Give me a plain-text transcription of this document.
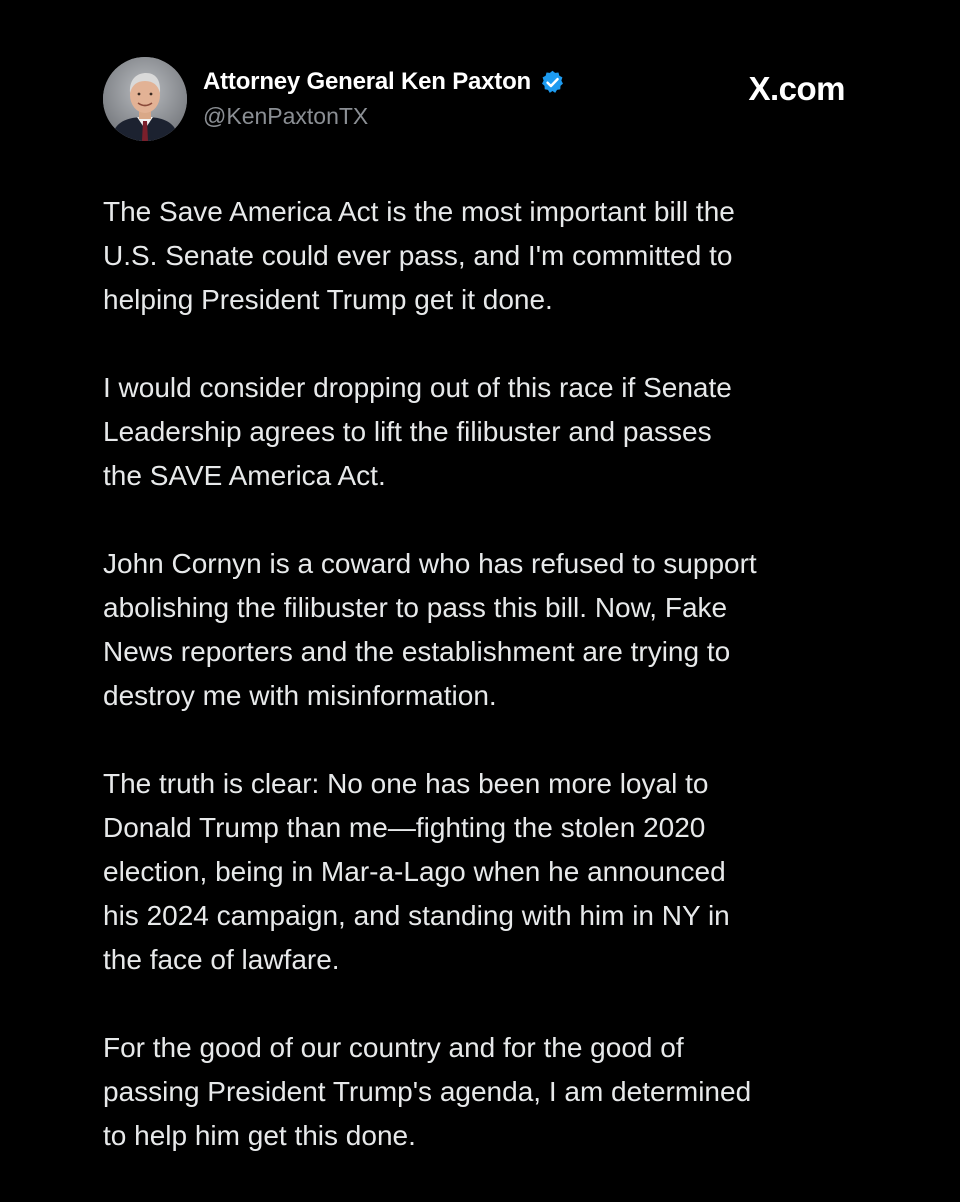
Attorney General Ken Paxton
@KenPaxtonTX
X.com

The Save America Act is the most important bill the
U.S. Senate could ever pass, and I'm committed to
helping President Trump get it done.

I would consider dropping out of this race if Senate
Leadership agrees to lift the filibuster and passes
the SAVE America Act.

John Cornyn is a coward who has refused to support
abolishing the filibuster to pass this bill. Now, Fake
News reporters and the establishment are trying to
destroy me with misinformation.

The truth is clear: No one has been more loyal to
Donald Trump than me—fighting the stolen 2020
election, being in Mar-a-Lago when he announced
his 2024 campaign, and standing with him in NY in
the face of lawfare.

For the good of our country and for the good of
passing President Trump's agenda, I am determined
to help him get this done.
